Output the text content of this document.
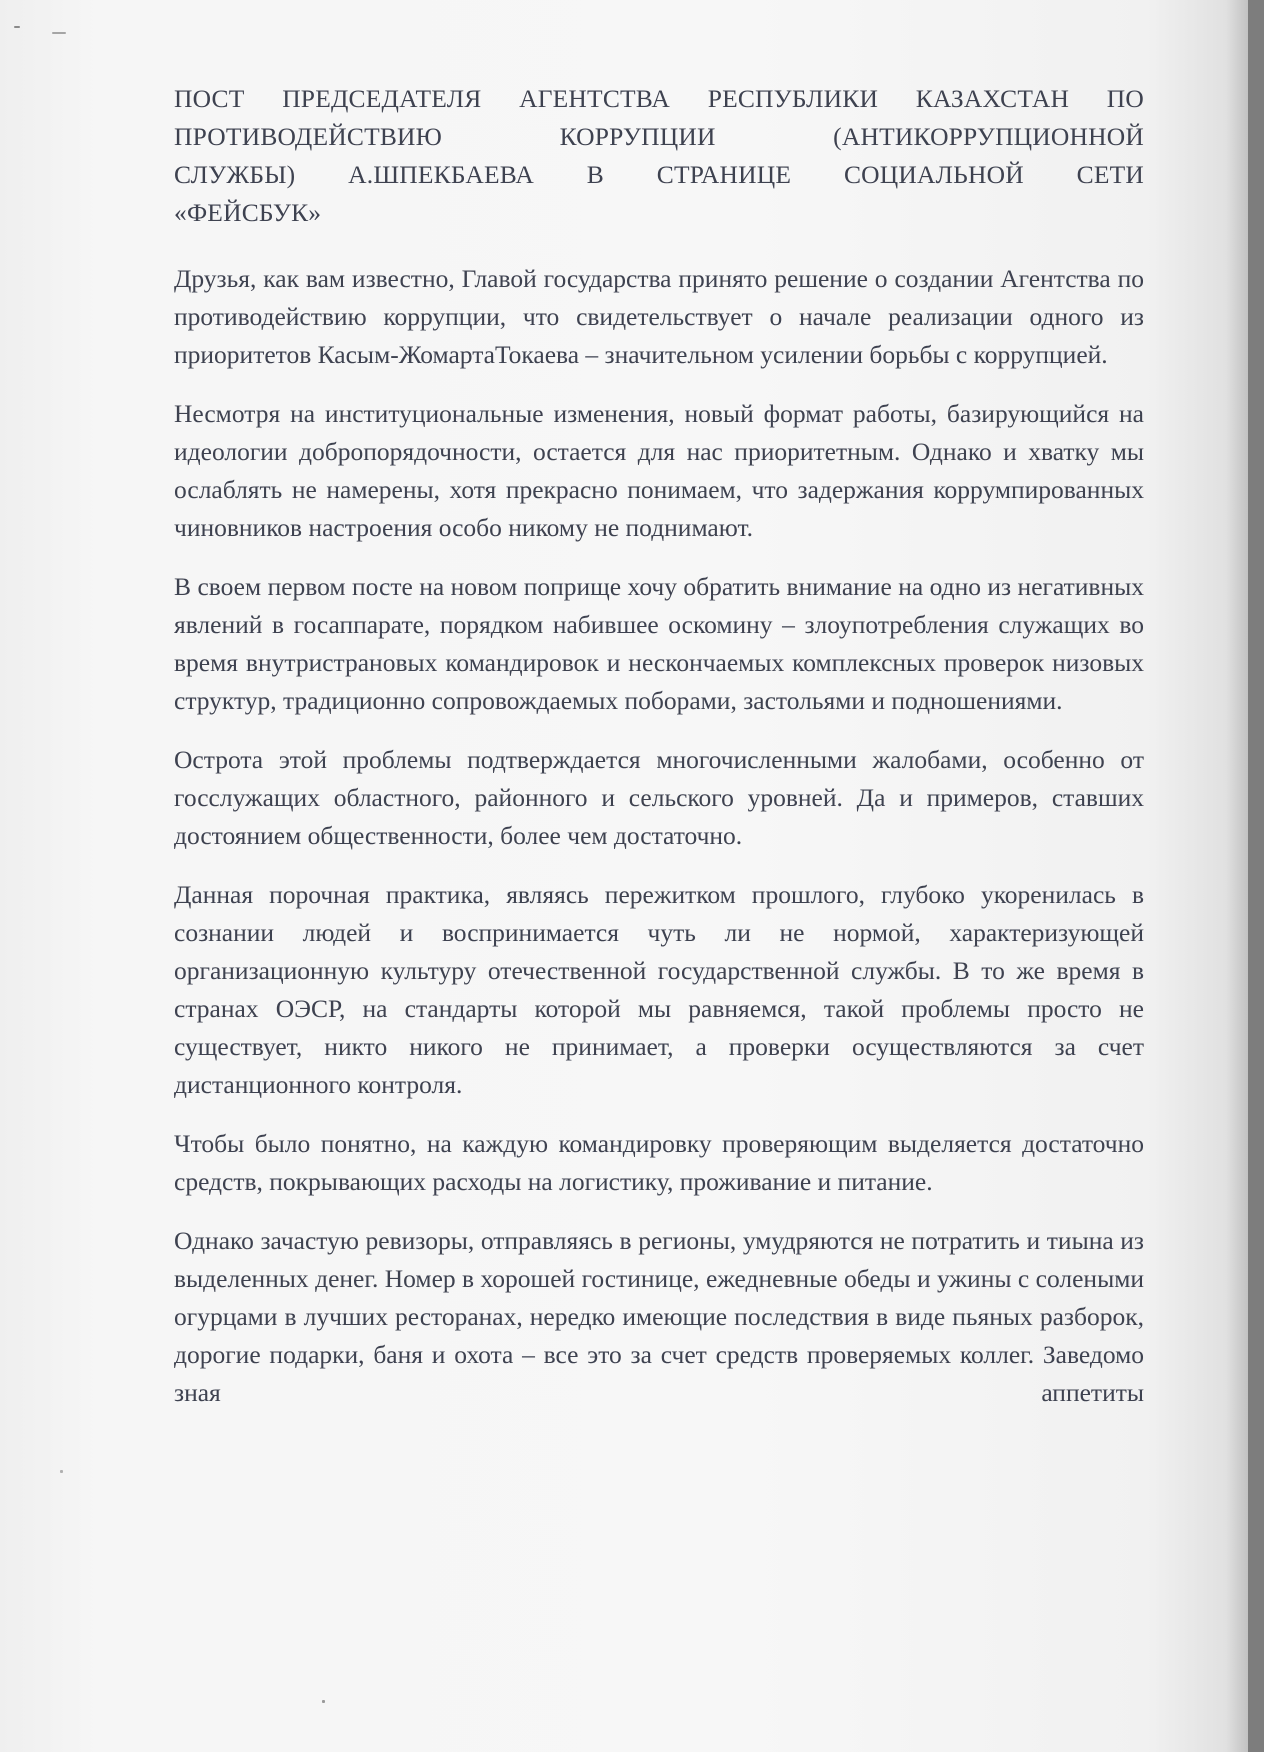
ПОСТ ПРЕДСЕДАТЕЛЯ АГЕНТСТВА РЕСПУБЛИКИ КАЗАХСТАН ПО
ПРОТИВОДЕЙСТВИЮ КОРРУПЦИИ (АНТИКОРРУПЦИОННОЙ
СЛУЖБЫ) А.ШПЕКБАЕВА В СТРАНИЦЕ СОЦИАЛЬНОЙ СЕТИ
«ФЕЙСБУК»

Друзья, как вам известно, Главой государства принято решение о создании Агентства по противодействию коррупции, что свидетельствует о начале реализации одного из приоритетов Касым-ЖомартаТокаева – значительном усилении борьбы с коррупцией.

Несмотря на институциональные изменения, новый формат работы, базирующийся на идеологии добропорядочности, остается для нас приоритетным. Однако и хватку мы ослаблять не намерены, хотя прекрасно понимаем, что задержания коррумпированных чиновников настроения особо никому не поднимают.

В своем первом посте на новом поприще хочу обратить внимание на одно из негативных явлений в госаппарате, порядком набившее оскомину – злоупотребления служащих во время внутристрановых командировок и нескончаемых комплексных проверок низовых структур, традиционно сопровождаемых поборами, застольями и подношениями.

Острота этой проблемы подтверждается многочисленными жалобами, особенно от госслужащих областного, районного и сельского уровней. Да и примеров, ставших достоянием общественности, более чем достаточно.

Данная порочная практика, являясь пережитком прошлого, глубоко укоренилась в сознании людей и воспринимается чуть ли не нормой, характеризующей организационную культуру отечественной государственной службы. В то же время в странах ОЭСР, на стандарты которой мы равняемся, такой проблемы просто не существует, никто никого не принимает, а проверки осуществляются за счет дистанционного контроля.

Чтобы было понятно, на каждую командировку проверяющим выделяется достаточно средств, покрывающих расходы на логистику, проживание и питание.

Однако зачастую ревизоры, отправляясь в регионы, умудряются не потратить и тиына из выделенных денег. Номер в хорошей гостинице, ежедневные обеды и ужины с солеными огурцами в лучших ресторанах, нередко имеющие последствия в виде пьяных разборок, дорогие подарки, баня и охота – все это за счет средств проверяемых коллег. Заведомо зная аппетиты
